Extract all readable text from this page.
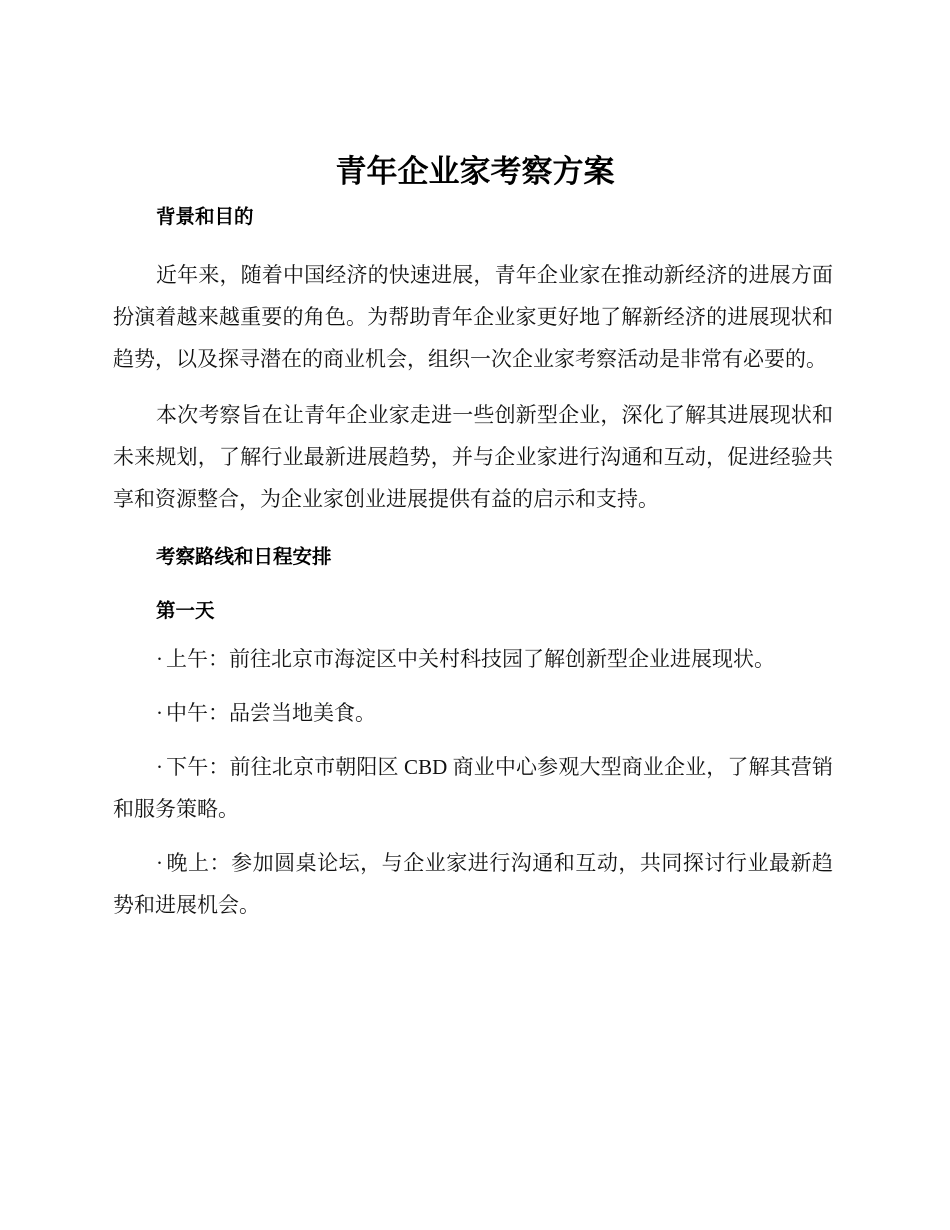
青年企业家考察方案

背景和目的

近年来，随着中国经济的快速进展，青年企业家在推动新经济的进展方面扮演着越来越重要的角色。为帮助青年企业家更好地了解新经济的进展现状和趋势，以及探寻潜在的商业机会，组织一次企业家考察活动是非常有必要的。

本次考察旨在让青年企业家走进一些创新型企业，深化了解其进展现状和未来规划，了解行业最新进展趋势，并与企业家进行沟通和互动，促进经验共享和资源整合，为企业家创业进展提供有益的启示和支持。

考察路线和日程安排

第一天

· 上午：前往北京市海淀区中关村科技园了解创新型企业进展现状。

· 中午：品尝当地美食。

· 下午：前往北京市朝阳区 CBD 商业中心参观大型商业企业，了解其营销和服务策略。

· 晚上：参加圆桌论坛，与企业家进行沟通和互动，共同探讨行业最新趋势和进展机会。
